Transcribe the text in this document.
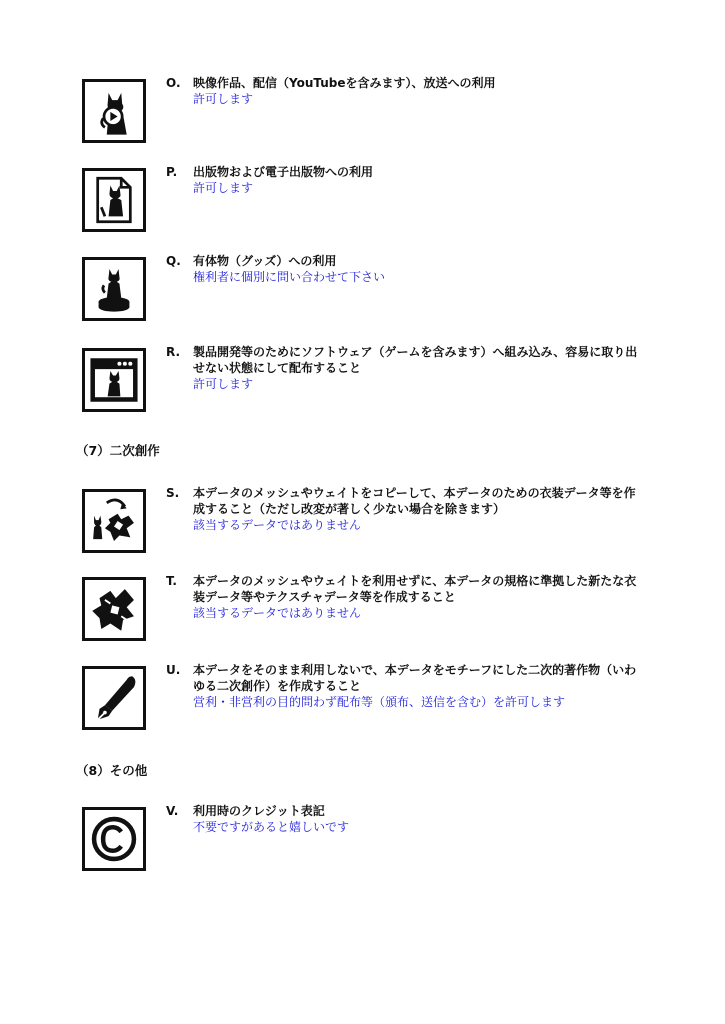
O. 映像作品、配信（YouTubeを含みます）、放送への利用
許可します
P. 出版物および電子出版物への利用
許可します
Q. 有体物（グッズ）への利用
権利者に個別に問い合わせて下さい
R. 製品開発等のためにソフトウェア（ゲームを含みます）へ組み込み、容易に取り出
せない状態にして配布すること
許可します
（7）二次創作
S. 本データのメッシュやウェイトをコピーして、本データのための衣装データ等を作
成すること（ただし改変が著しく少ない場合を除きます）
該当するデータではありません
T. 本データのメッシュやウェイトを利用せずに、本データの規格に準拠した新たな衣
装データ等やテクスチャデータ等を作成すること
該当するデータではありません
U. 本データをそのまま利用しないで、本データをモチーフにした二次的著作物（いわ
ゆる二次創作）を作成すること
営利・非営利の目的問わず配布等（頒布、送信を含む）を許可します
（8）その他
V. 利用時のクレジット表記
不要ですがあると嬉しいです
